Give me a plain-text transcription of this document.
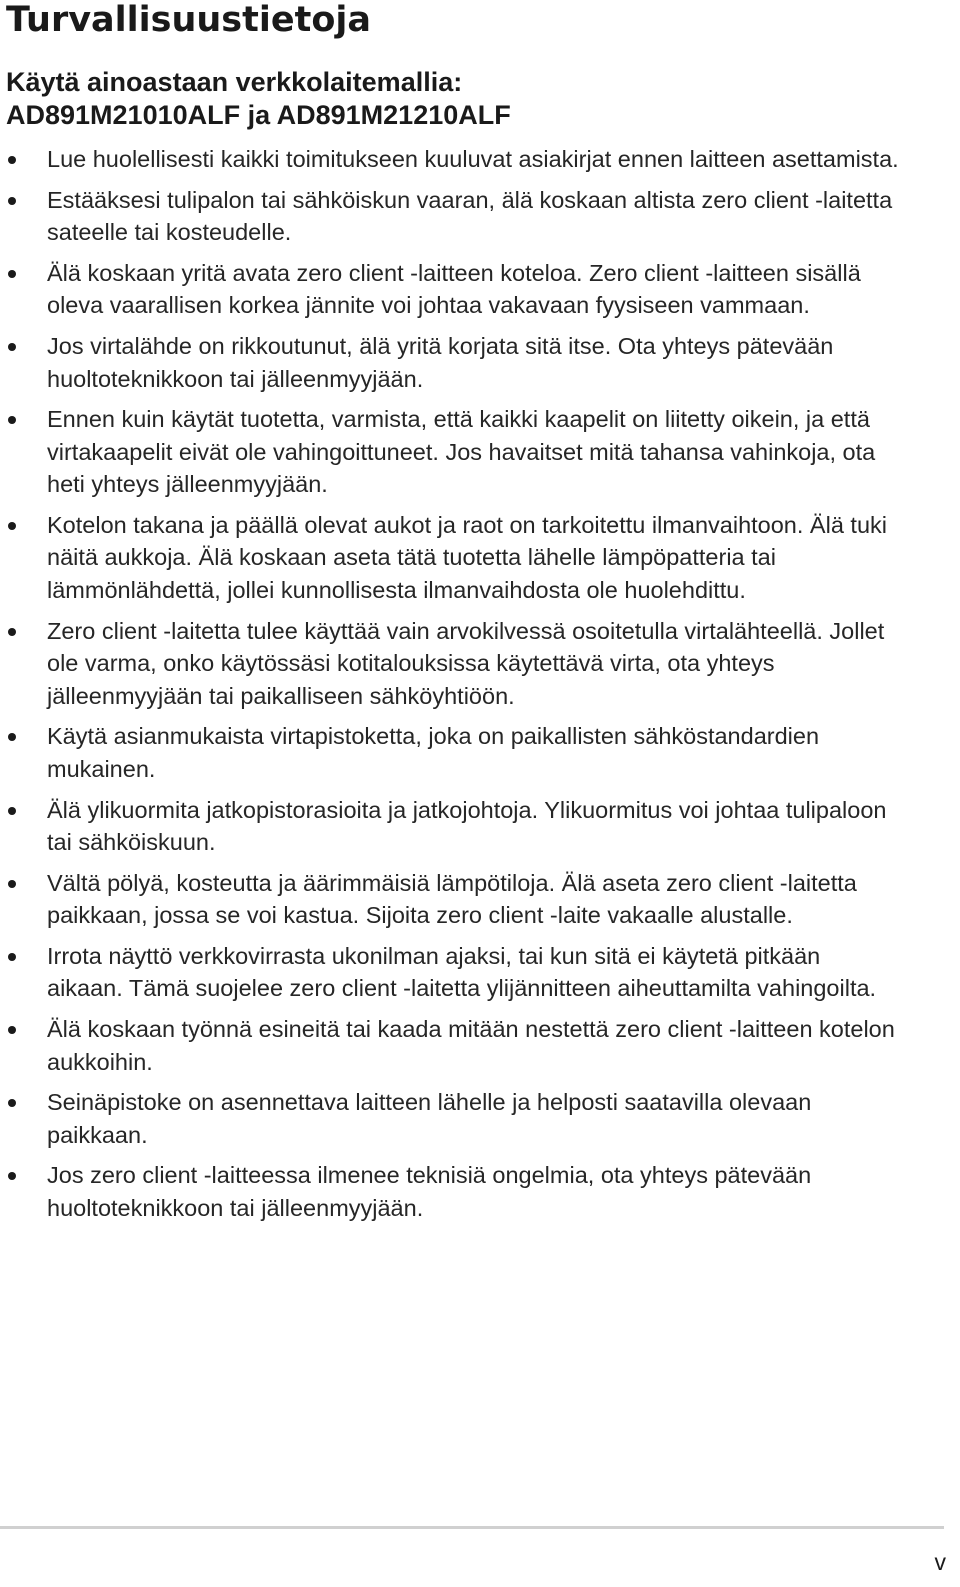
Turvallisuustietoja
Käytä ainoastaan verkkolaitemallia:
AD891M21010ALF ja AD891M21210ALF
Lue huolellisesti kaikki toimitukseen kuuluvat asiakirjat ennen laitteen asettamista.
Estääksesi tulipalon tai sähköiskun vaaran, älä koskaan altista zero client -laitetta sateelle tai kosteudelle.
Älä koskaan yritä avata zero client -laitteen koteloa. Zero client -laitteen sisällä oleva vaarallisen korkea jännite voi johtaa vakavaan fyysiseen vammaan.
Jos virtalähde on rikkoutunut, älä yritä korjata sitä itse. Ota yhteys pätevään huoltoteknikkoon tai jälleenmyyjään.
Ennen kuin käytät tuotetta, varmista, että kaikki kaapelit on liitetty oikein, ja että virtakaapelit eivät ole vahingoittuneet. Jos havaitset mitä tahansa vahinkoja, ota heti yhteys jälleenmyyjään.
Kotelon takana ja päällä olevat aukot ja raot on tarkoitettu ilmanvaihtoon. Älä tuki näitä aukkoja. Älä koskaan aseta tätä tuotetta lähelle lämpöpatteria tai lämmönlähdettä, jollei kunnollisesta ilmanvaihdosta ole huolehdittu.
Zero client -laitetta tulee käyttää vain arvokilvessä osoitetulla virtalähteellä. Jollet ole varma, onko käytössäsi kotitalouksissa käytettävä virta, ota yhteys jälleenmyyjään tai paikalliseen sähköyhtiöön.
Käytä asianmukaista virtapistoketta, joka on paikallisten sähköstandardien mukainen.
Älä ylikuormita jatkopistorasioita ja jatkojohtoja. Ylikuormitus voi johtaa tulipaloon tai sähköiskuun.
Vältä pölyä, kosteutta ja äärimmäisiä lämpötiloja. Älä aseta zero client -laitetta paikkaan, jossa se voi kastua. Sijoita zero client -laite vakaalle alustalle.
Irrota näyttö verkkovirrasta ukonilman ajaksi, tai kun sitä ei käytetä pitkään aikaan. Tämä suojelee zero client -laitetta ylijännitteen aiheuttamilta vahingoilta.
Älä koskaan työnnä esineitä tai kaada mitään nestettä zero client -laitteen kotelon aukkoihin.
Seinäpistoke on asennettava laitteen lähelle ja helposti saatavilla olevaan paikkaan.
Jos zero client -laitteessa ilmenee teknisiä ongelmia, ota yhteys pätevään huoltoteknikkoon tai jälleenmyyjään.
v
